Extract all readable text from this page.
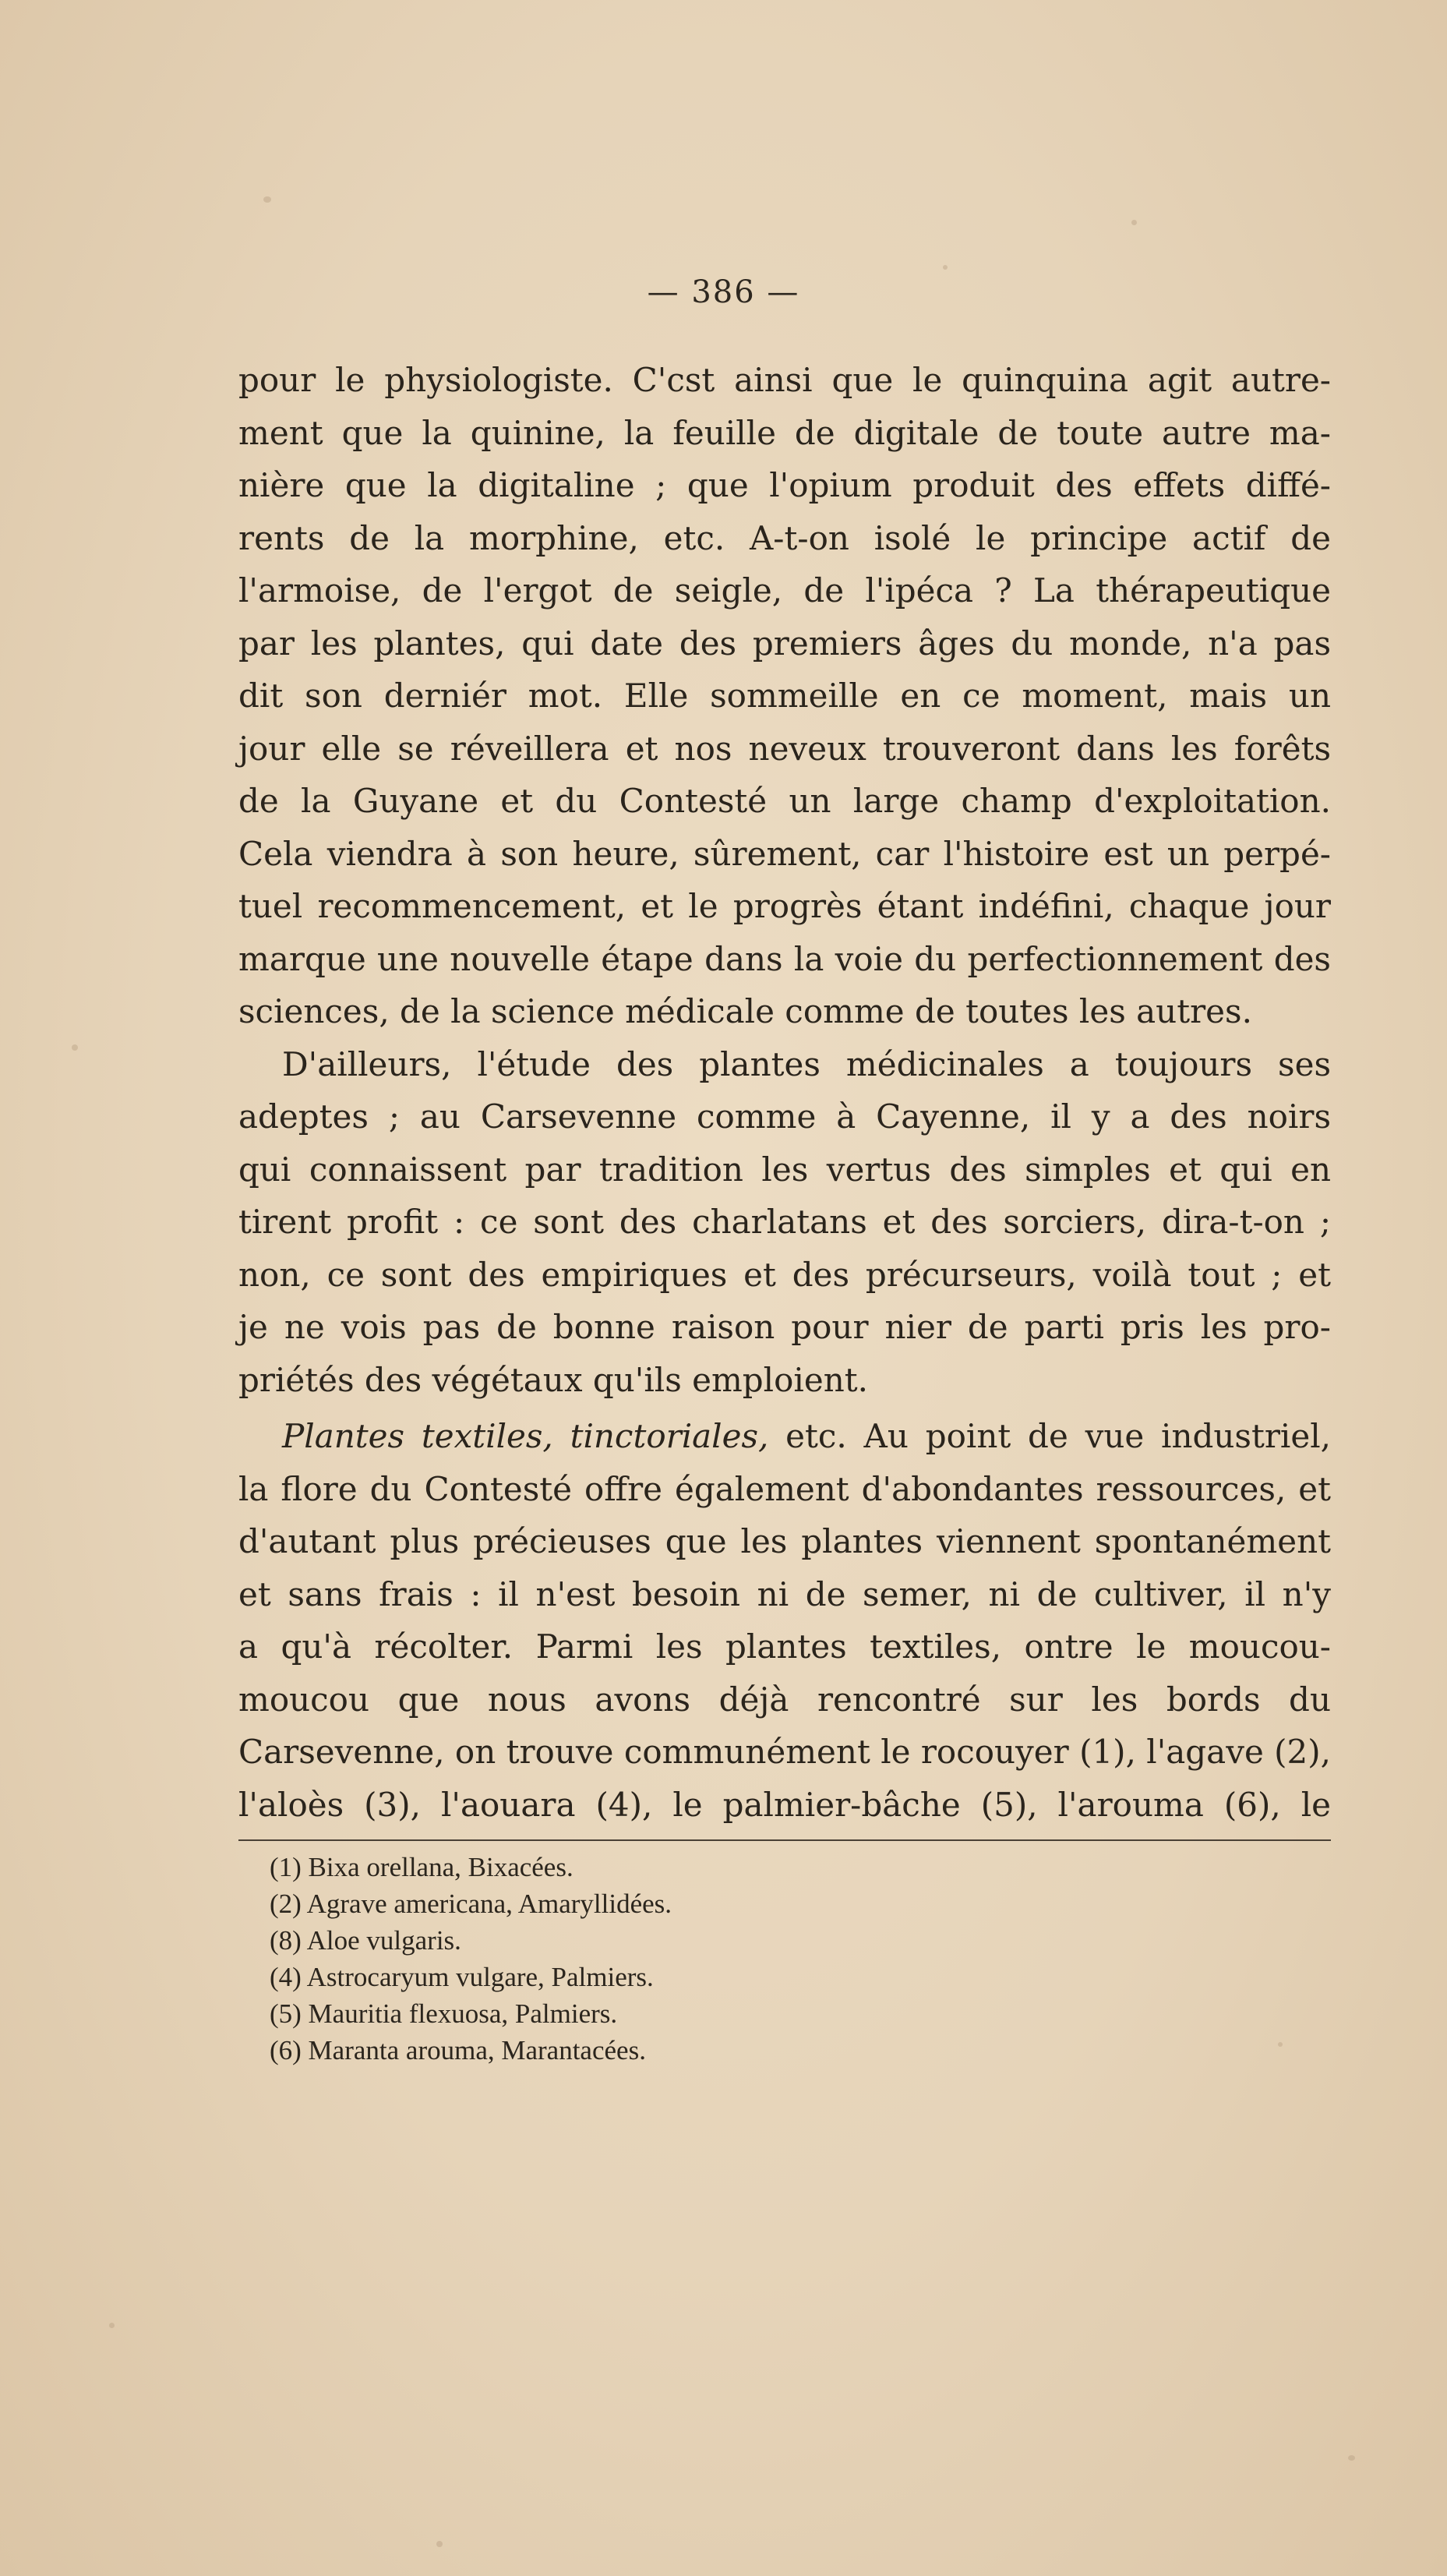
— 386 —
pour le physiologiste. C'cst ainsi que le quinquina agit autre-
ment que la quinine, la feuille de digitale de toute autre ma-
nière que la digitaline ; que l'opium produit des effets diffé-
rents de la morphine, etc. A-t-on isolé le principe actif de
l'armoise, de l'ergot de seigle, de l'ipéca ? La thérapeutique
par les plantes, qui date des premiers âges du monde, n'a pas
dit son derniér mot. Elle sommeille en ce moment, mais un
jour elle se réveillera et nos neveux trouveront dans les forêts
de la Guyane et du Contesté un large champ d'exploitation.
Cela viendra à son heure, sûrement, car l'histoire est un perpé-
tuel recommencement, et le progrès étant indéfini, chaque jour
marque une nouvelle étape dans la voie du perfectionnement des
sciences, de la science médicale comme de toutes les autres.
D'ailleurs, l'étude des plantes médicinales a toujours ses
adeptes ; au Carsevenne comme à Cayenne, il y a des noirs
qui connaissent par tradition les vertus des simples et qui en
tirent profit : ce sont des charlatans et des sorciers, dira-t-on ;
non, ce sont des empiriques et des précurseurs, voilà tout ; et
je ne vois pas de bonne raison pour nier de parti pris les pro-
priétés des végétaux qu'ils emploient.
Plantes textiles, tinctoriales, etc. Au point de vue industriel,
la flore du Contesté offre également d'abondantes ressources, et
d'autant plus précieuses que les plantes viennent spontanément
et sans frais : il n'est besoin ni de semer, ni de cultiver, il n'y
a qu'à récolter. Parmi les plantes textiles, ontre le moucou-
moucou que nous avons déjà rencontré sur les bords du
Carsevenne, on trouve communément le rocouyer (1), l'agave (2),
l'aloès (3), l'aouara (4), le palmier-bâche (5), l'arouma (6), le
(1) Bixa orellana, Bixacées.
(2) Agrave americana, Amaryllidées.
(8) Aloe vulgaris.
(4) Astrocaryum vulgare, Palmiers.
(5) Mauritia flexuosa, Palmiers.
(6) Maranta arouma, Marantacées.
